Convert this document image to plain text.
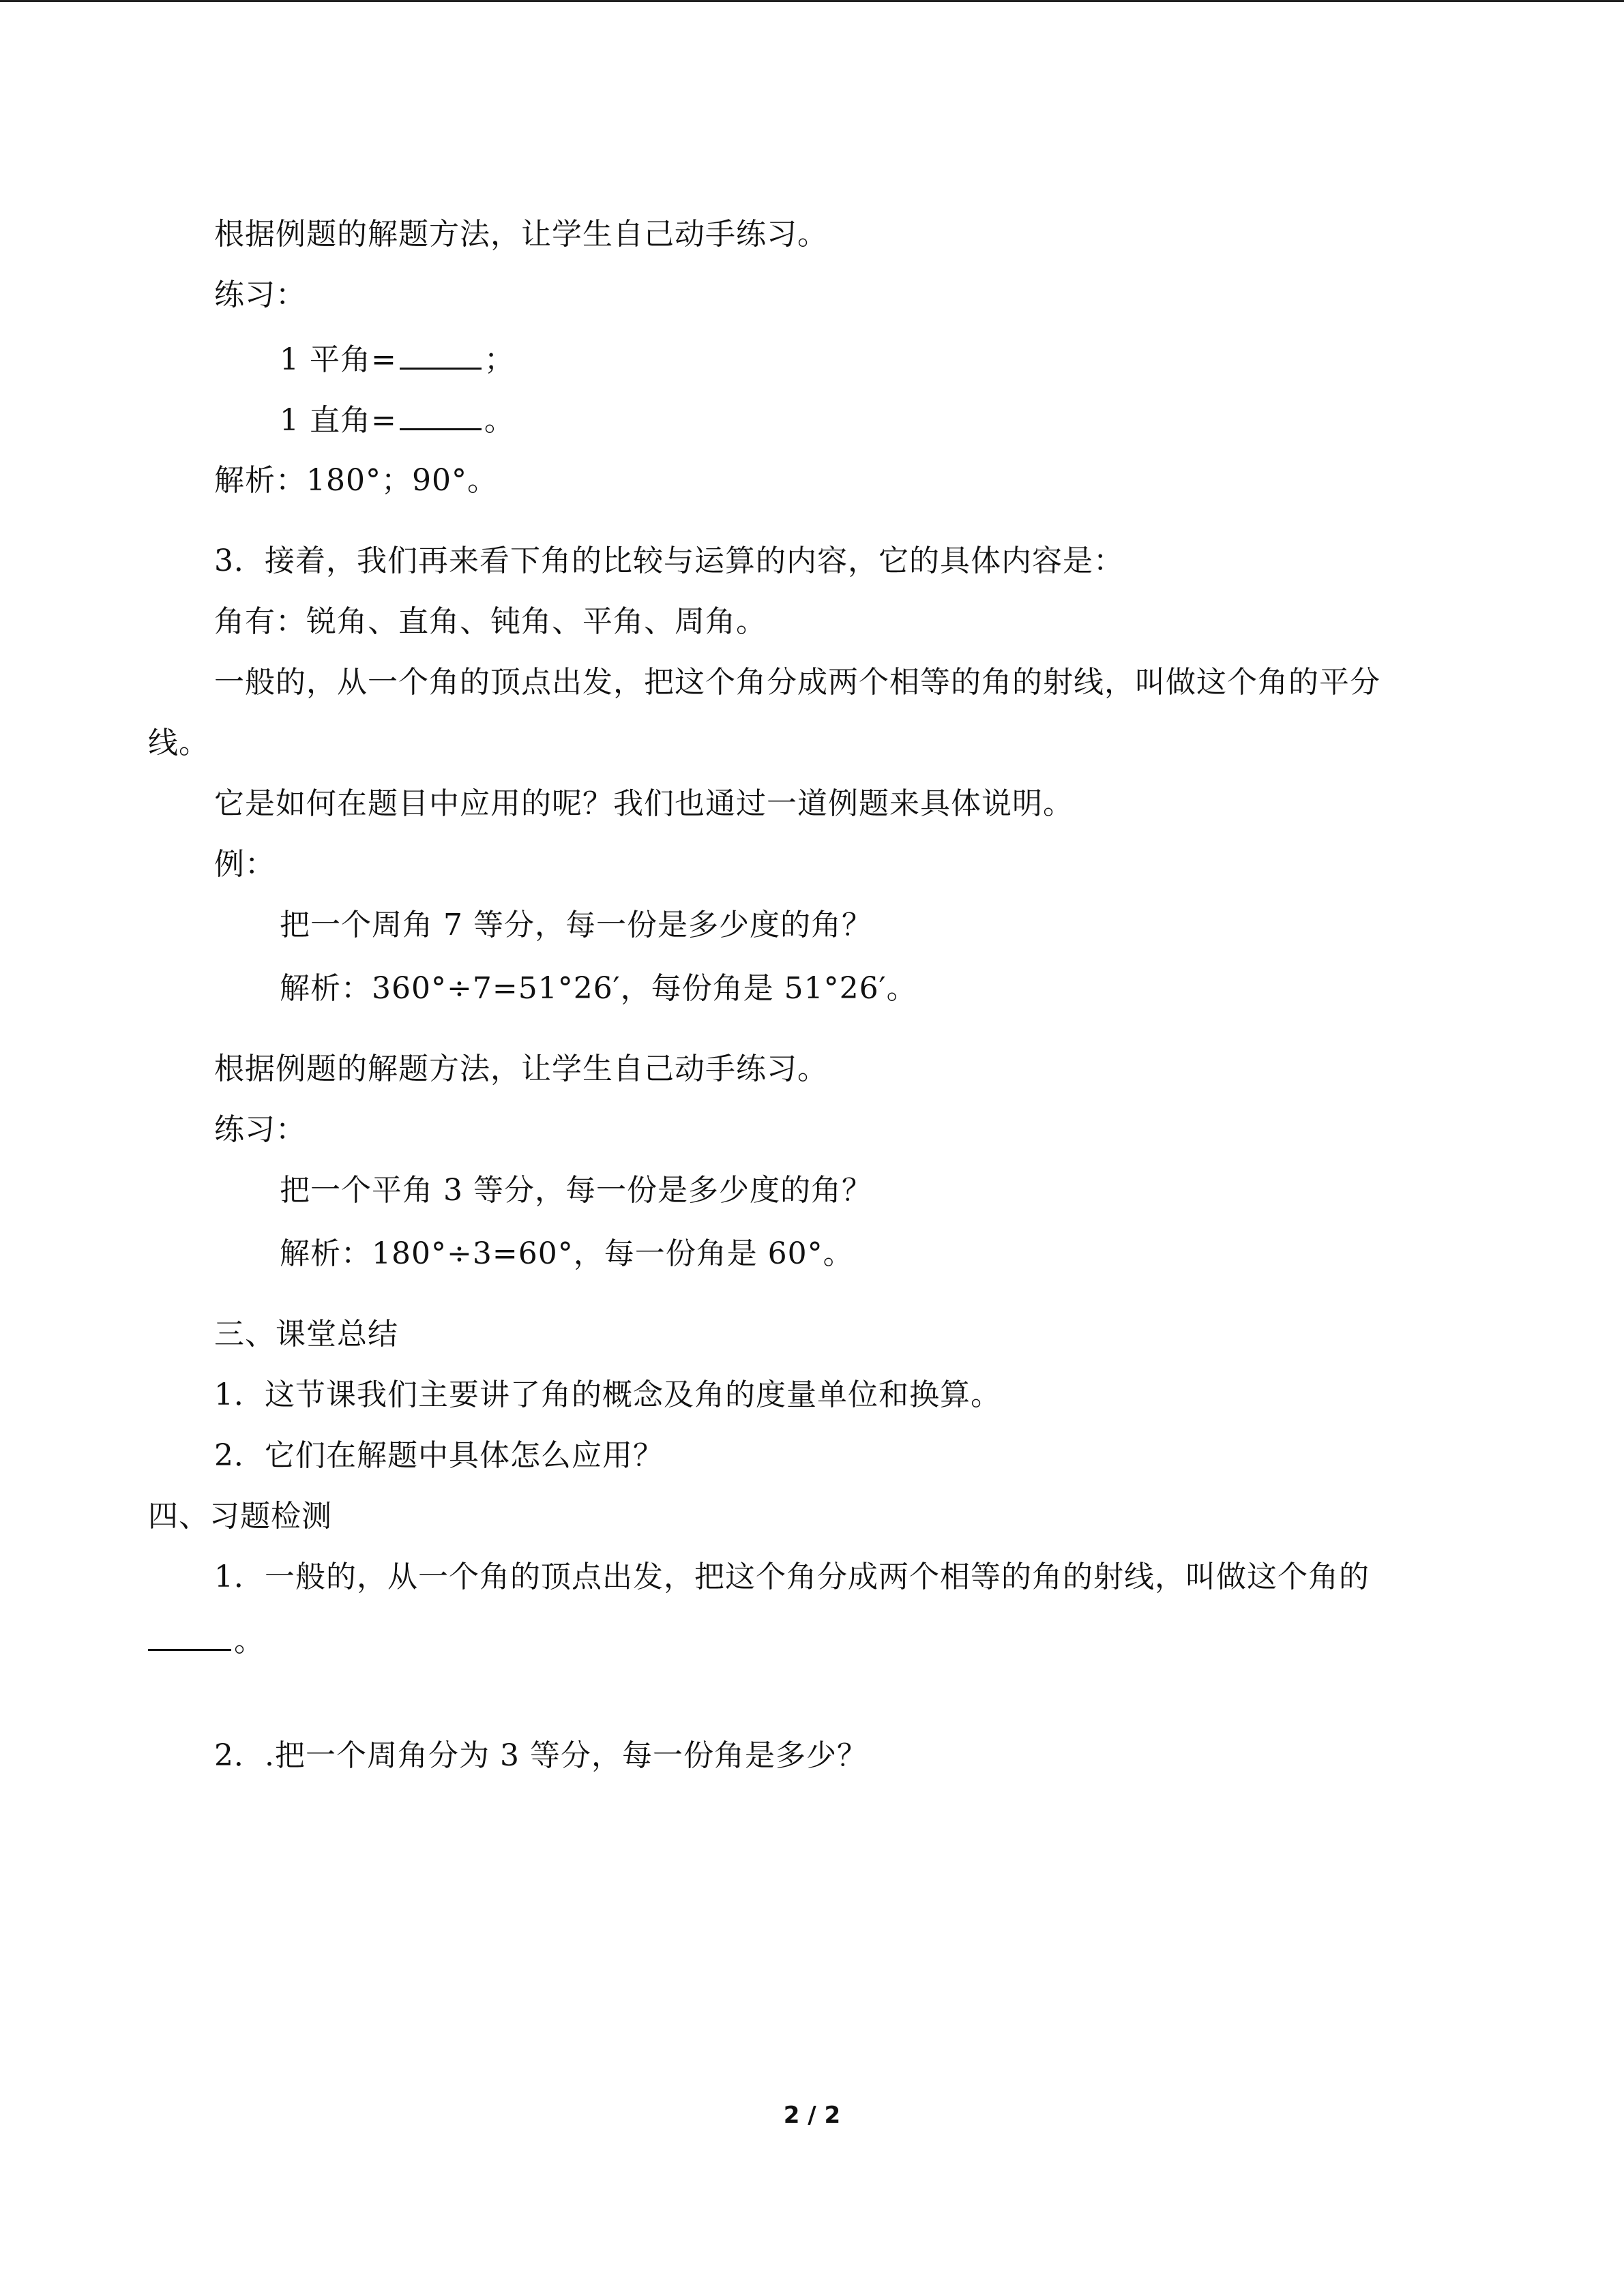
根据例题的解题方法，让学生自己动手练习。
练习：
1 平角=	；
1 直角=	。
解析：180°；90°。
3．接着，我们再来看下角的比较与运算的内容，它的具体内容是：
角有：锐角、直角、钝角、平角、周角。
一般的，从一个角的顶点出发，把这个角分成两个相等的角的射线，叫做这个角的平分
线。
它是如何在题目中应用的呢？我们也通过一道例题来具体说明。
例：
把一个周角 7 等分，每一份是多少度的角？
解析：360°÷7=51°26′，每份角是 51°26′。
根据例题的解题方法，让学生自己动手练习。
练习：
把一个平角 3 等分，每一份是多少度的角？
解析：180°÷3=60°，每一份角是 60°。
三、课堂总结
1．这节课我们主要讲了角的概念及角的度量单位和换算。
2．它们在解题中具体怎么应用？
四、习题检测
1．一般的，从一个角的顶点出发，把这个角分成两个相等的角的射线，叫做这个角的
。
2．.把一个周角分为 3 等分，每一份角是多少？
2 / 2
